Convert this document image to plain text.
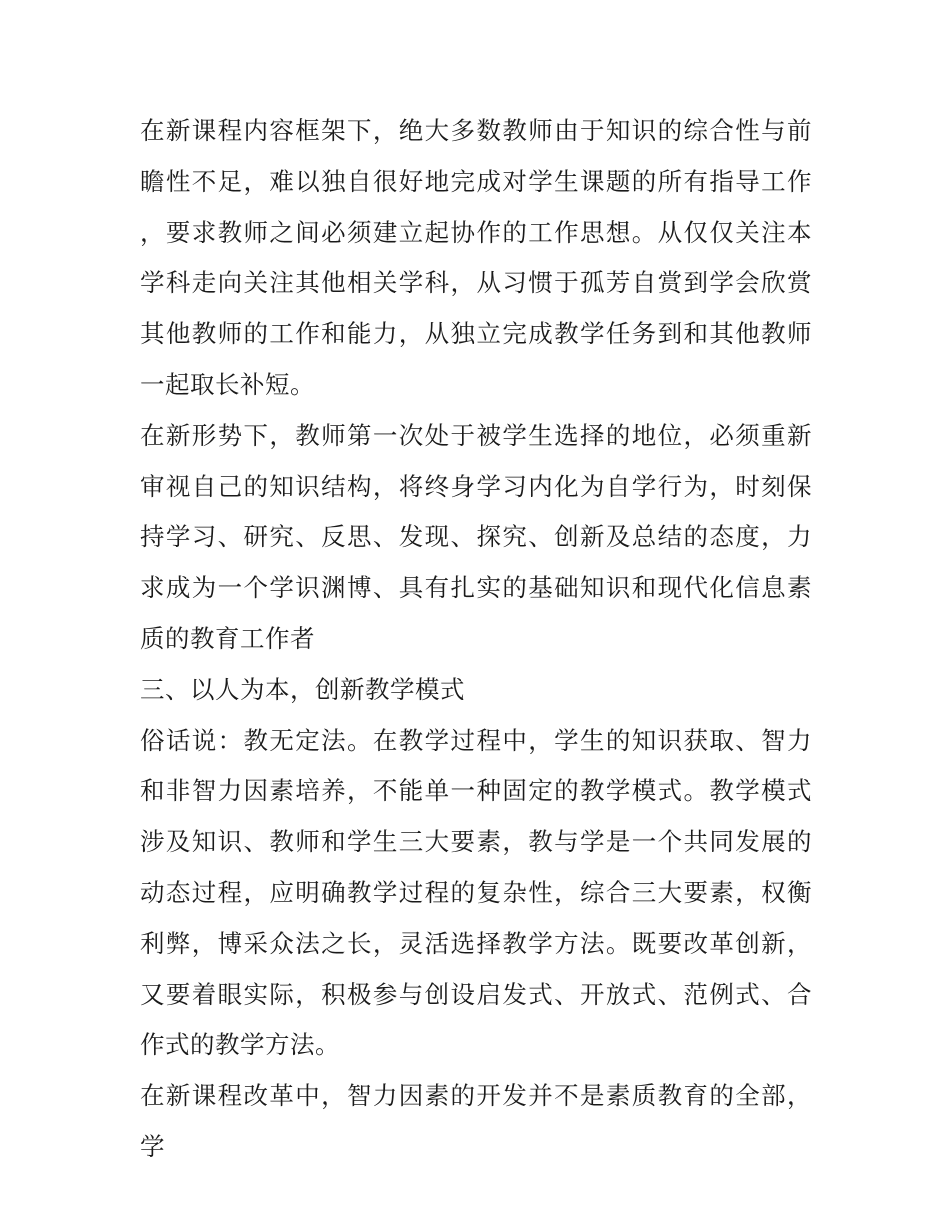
在新课程内容框架下，绝大多数教师由于知识的综合性与前瞻性不足，难以独自很好地完成对学生课题的所有指导工作，要求教师之间必须建立起协作的工作思想。从仅仅关注本学科走向关注其他相关学科，从习惯于孤芳自赏到学会欣赏其他教师的工作和能力，从独立完成教学任务到和其他教师一起取长补短。

在新形势下，教师第一次处于被学生选择的地位，必须重新审视自己的知识结构，将终身学习内化为自学行为，时刻保持学习、研究、反思、发现、探究、创新及总结的态度，力求成为一个学识渊博、具有扎实的基础知识和现代化信息素质的教育工作者

三、以人为本，创新教学模式

俗话说：教无定法。在教学过程中，学生的知识获取、智力和非智力因素培养，不能单一种固定的教学模式。教学模式涉及知识、教师和学生三大要素，教与学是一个共同发展的动态过程，应明确教学过程的复杂性，综合三大要素，权衡利弊，博采众法之长，灵活选择教学方法。既要改革创新，又要着眼实际，积极参与创设启发式、开放式、范例式、合作式的教学方法。

在新课程改革中，智力因素的开发并不是素质教育的全部，学
